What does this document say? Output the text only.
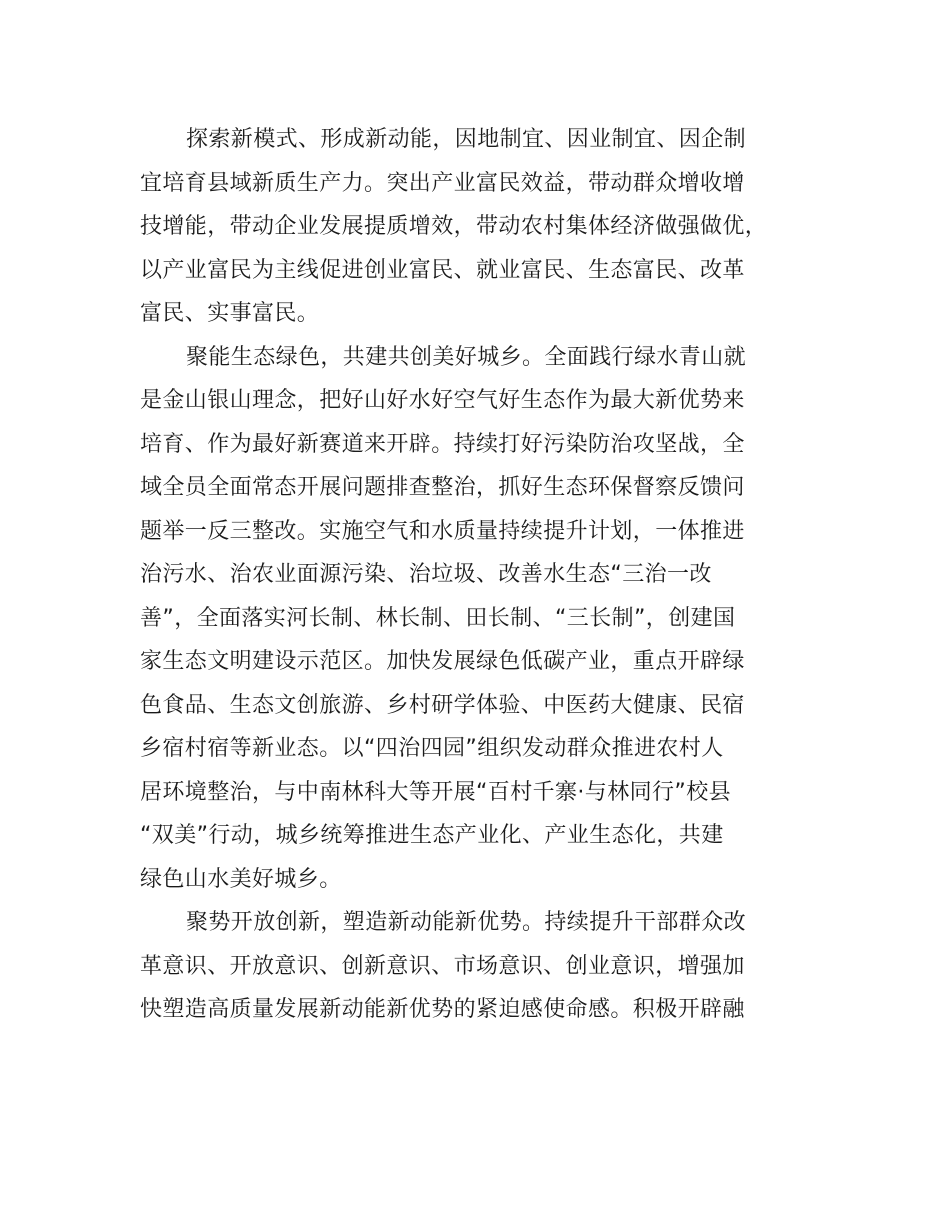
探索新模式、形成新动能，因地制宜、因业制宜、因企制
宜培育县域新质生产力。突出产业富民效益，带动群众增收增
技增能，带动企业发展提质增效，带动农村集体经济做强做优，
以产业富民为主线促进创业富民、就业富民、生态富民、改革
富民、实事富民。
聚能生态绿色，共建共创美好城乡。全面践行绿水青山就
是金山银山理念，把好山好水好空气好生态作为最大新优势来
培育、作为最好新赛道来开辟。持续打好污染防治攻坚战，全
域全员全面常态开展问题排查整治，抓好生态环保督察反馈问
题举一反三整改。实施空气和水质量持续提升计划，一体推进
治污水、治农业面源污染、治垃圾、改善水生态“三治一改
善”，全面落实河长制、林长制、田长制、“三长制”，创建国
家生态文明建设示范区。加快发展绿色低碳产业，重点开辟绿
色食品、生态文创旅游、乡村研学体验、中医药大健康、民宿
乡宿村宿等新业态。以“四治四园”组织发动群众推进农村人
居环境整治，与中南林科大等开展“百村千寨·与林同行”校县
“双美”行动，城乡统筹推进生态产业化、产业生态化，共建
绿色山水美好城乡。
聚势开放创新，塑造新动能新优势。持续提升干部群众改
革意识、开放意识、创新意识、市场意识、创业意识，增强加
快塑造高质量发展新动能新优势的紧迫感使命感。积极开辟融
